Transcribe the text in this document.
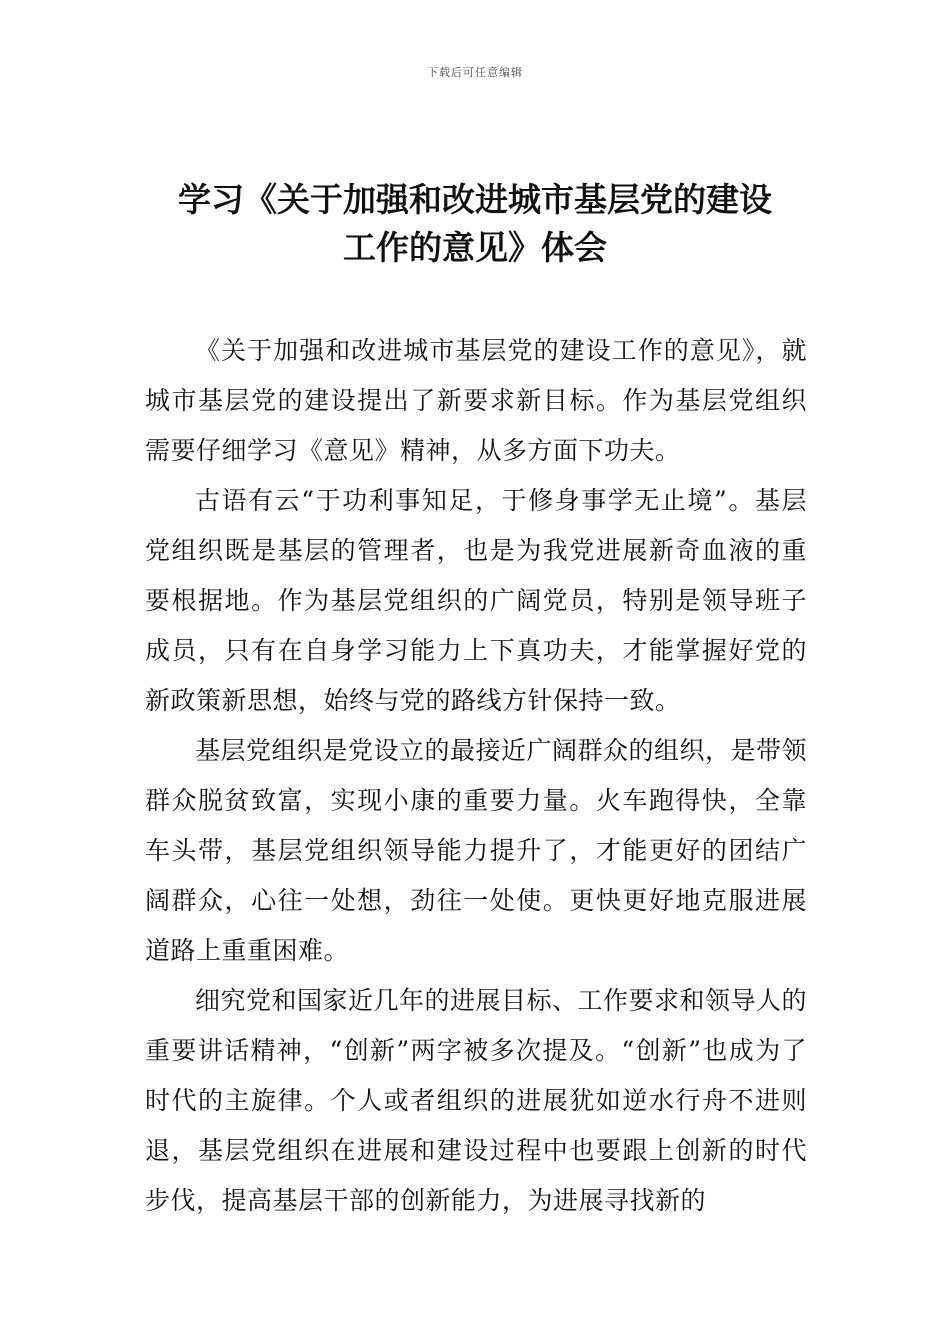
下载后可任意编辑
学习《关于加强和改进城市基层党的建设
工作的意见》体会

《关于加强和改进城市基层党的建设工作的意见》，就城市基层党的建设提出了新要求新目标。作为基层党组织需要仔细学习《意见》精神，从多方面下功夫。

古语有云“于功利事知足，于修身事学无止境”。基层党组织既是基层的管理者，也是为我党进展新奇血液的重要根据地。作为基层党组织的广阔党员，特别是领导班子成员，只有在自身学习能力上下真功夫，才能掌握好党的新政策新思想，始终与党的路线方针保持一致。

基层党组织是党设立的最接近广阔群众的组织，是带领群众脱贫致富，实现小康的重要力量。火车跑得快，全靠车头带，基层党组织领导能力提升了，才能更好的团结广阔群众，心往一处想，劲往一处使。更快更好地克服进展道路上重重困难。

细究党和国家近几年的进展目标、工作要求和领导人的重要讲话精神，“创新”两字被多次提及。“创新”也成为了时代的主旋律。个人或者组织的进展犹如逆水行舟不进则退，基层党组织在进展和建设过程中也要跟上创新的时代步伐，提高基层干部的创新能力，为进展寻找新的
